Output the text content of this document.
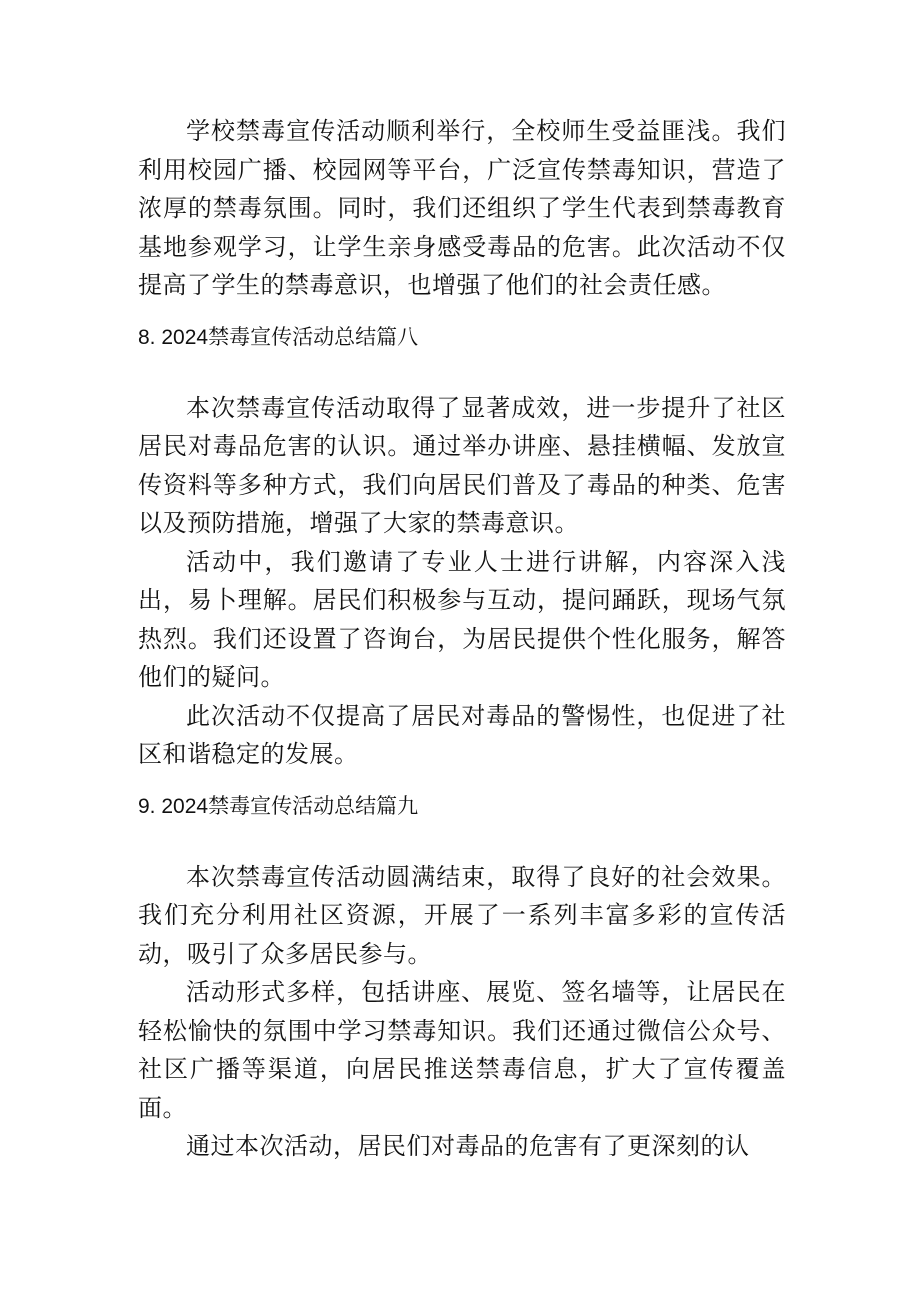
学校禁毒宣传活动顺利举行，全校师生受益匪浅。我们利用校园广播、校园网等平台，广泛宣传禁毒知识，营造了浓厚的禁毒氛围。同时，我们还组织了学生代表到禁毒教育基地参观学习，让学生亲身感受毒品的危害。此次活动不仅提高了学生的禁毒意识，也增强了他们的社会责任感。

8. 2024禁毒宣传活动总结篇八

本次禁毒宣传活动取得了显著成效，进一步提升了社区居民对毒品危害的认识。通过举办讲座、悬挂横幅、发放宣传资料等多种方式，我们向居民们普及了毒品的种类、危害以及预防措施，增强了大家的禁毒意识。

活动中，我们邀请了专业人士进行讲解，内容深入浅出，易卜理解。居民们积极参与互动，提问踊跃，现场气氛热烈。我们还设置了咨询台，为居民提供个性化服务，解答他们的疑问。

此次活动不仅提高了居民对毒品的警惕性，也促进了社区和谐稳定的发展。

9. 2024禁毒宣传活动总结篇九

本次禁毒宣传活动圆满结束，取得了良好的社会效果。我们充分利用社区资源，开展了一系列丰富多彩的宣传活动，吸引了众多居民参与。

活动形式多样，包括讲座、展览、签名墙等，让居民在轻松愉快的氛围中学习禁毒知识。我们还通过微信公众号、社区广播等渠道，向居民推送禁毒信息，扩大了宣传覆盖面。

通过本次活动，居民们对毒品的危害有了更深刻的认
